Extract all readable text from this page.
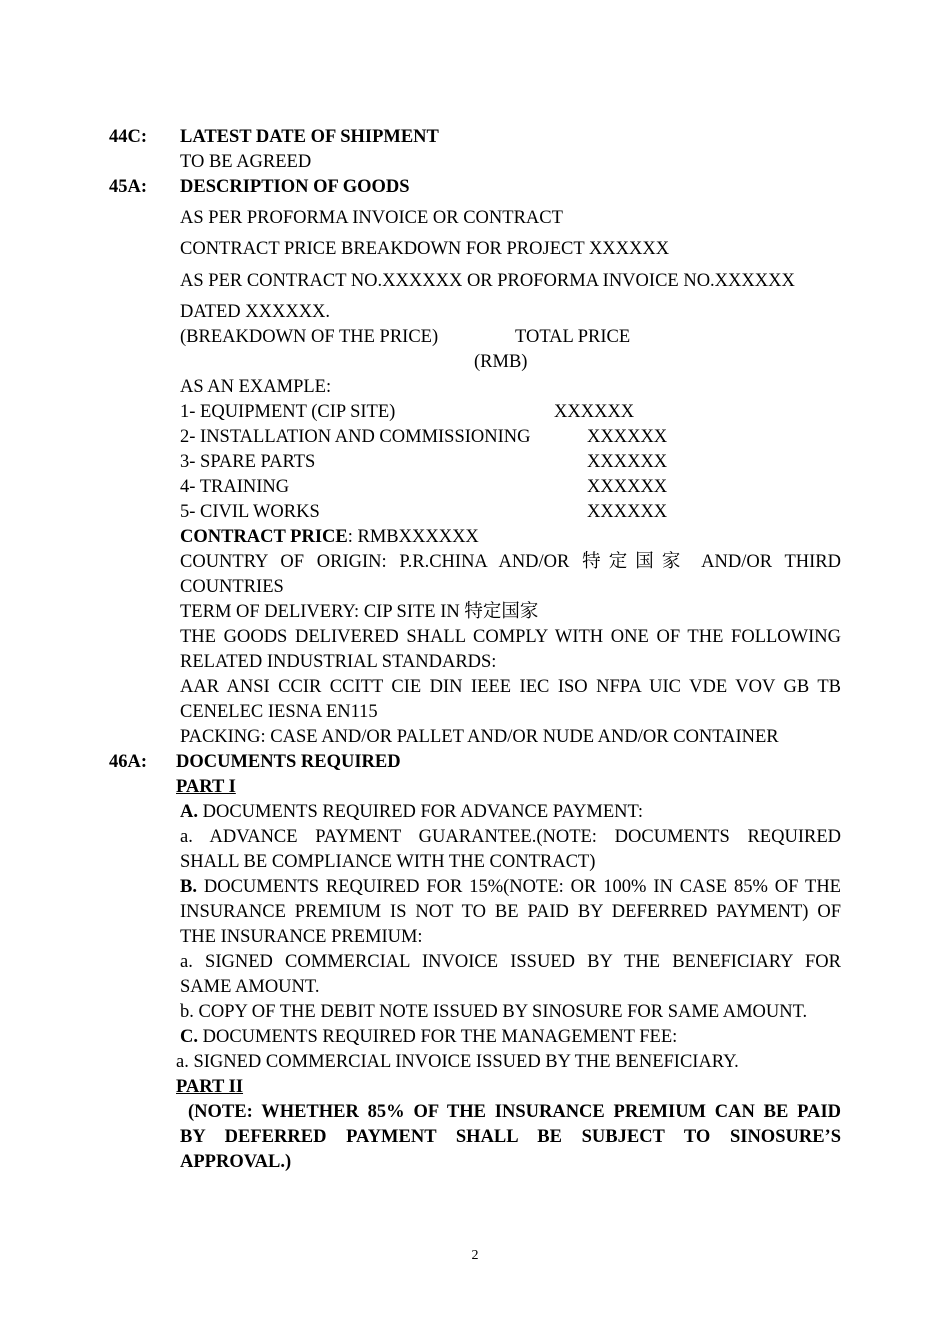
44C: LATEST DATE OF SHIPMENT
TO BE AGREED
45A: DESCRIPTION OF GOODS
AS PER PROFORMA INVOICE OR CONTRACT
CONTRACT PRICE BREAKDOWN FOR PROJECT XXXXXX
AS PER CONTRACT NO.XXXXXX OR PROFORMA INVOICE NO.XXXXXX
DATED XXXXXX.
(BREAKDOWN OF THE PRICE)	TOTAL PRICE
(RMB)
AS AN EXAMPLE:
1- EQUIPMENT (CIP SITE)	XXXXXX
2- INSTALLATION AND COMMISSIONING	XXXXXX
3- SPARE PARTS	XXXXXX
4- TRAINING	XXXXXX
5- CIVIL WORKS	XXXXXX
CONTRACT PRICE: RMBXXXXXX
COUNTRY OF ORIGIN: P.R.CHINA AND/OR 特定国家 AND/OR THIRD
COUNTRIES
TERM OF DELIVERY: CIP SITE IN 特定国家
THE GOODS DELIVERED SHALL COMPLY WITH ONE OF THE FOLLOWING
RELATED INDUSTRIAL STANDARDS:
AAR ANSI CCIR CCITT CIE DIN IEEE IEC ISO NFPA UIC VDE VOV GB TB
CENELEC IESNA EN115
PACKING: CASE AND/OR PALLET AND/OR NUDE AND/OR CONTAINER
46A: DOCUMENTS REQUIRED
PART I
A. DOCUMENTS REQUIRED FOR ADVANCE PAYMENT:
a. ADVANCE PAYMENT GUARANTEE.(NOTE: DOCUMENTS REQUIRED
SHALL BE COMPLIANCE WITH THE CONTRACT)
B. DOCUMENTS REQUIRED FOR 15%(NOTE: OR 100% IN CASE 85% OF THE
INSURANCE PREMIUM IS NOT TO BE PAID BY DEFERRED PAYMENT) OF
THE INSURANCE PREMIUM:
a. SIGNED COMMERCIAL INVOICE ISSUED BY THE BENEFICIARY FOR
SAME AMOUNT.
b. COPY OF THE DEBIT NOTE ISSUED BY SINOSURE FOR SAME AMOUNT.
C. DOCUMENTS REQUIRED FOR THE MANAGEMENT FEE:
a. SIGNED COMMERCIAL INVOICE ISSUED BY THE BENEFICIARY.
PART II
(NOTE: WHETHER 85% OF THE INSURANCE PREMIUM CAN BE PAID
BY DEFERRED PAYMENT SHALL BE SUBJECT TO SINOSURE’S
APPROVAL.)
2
